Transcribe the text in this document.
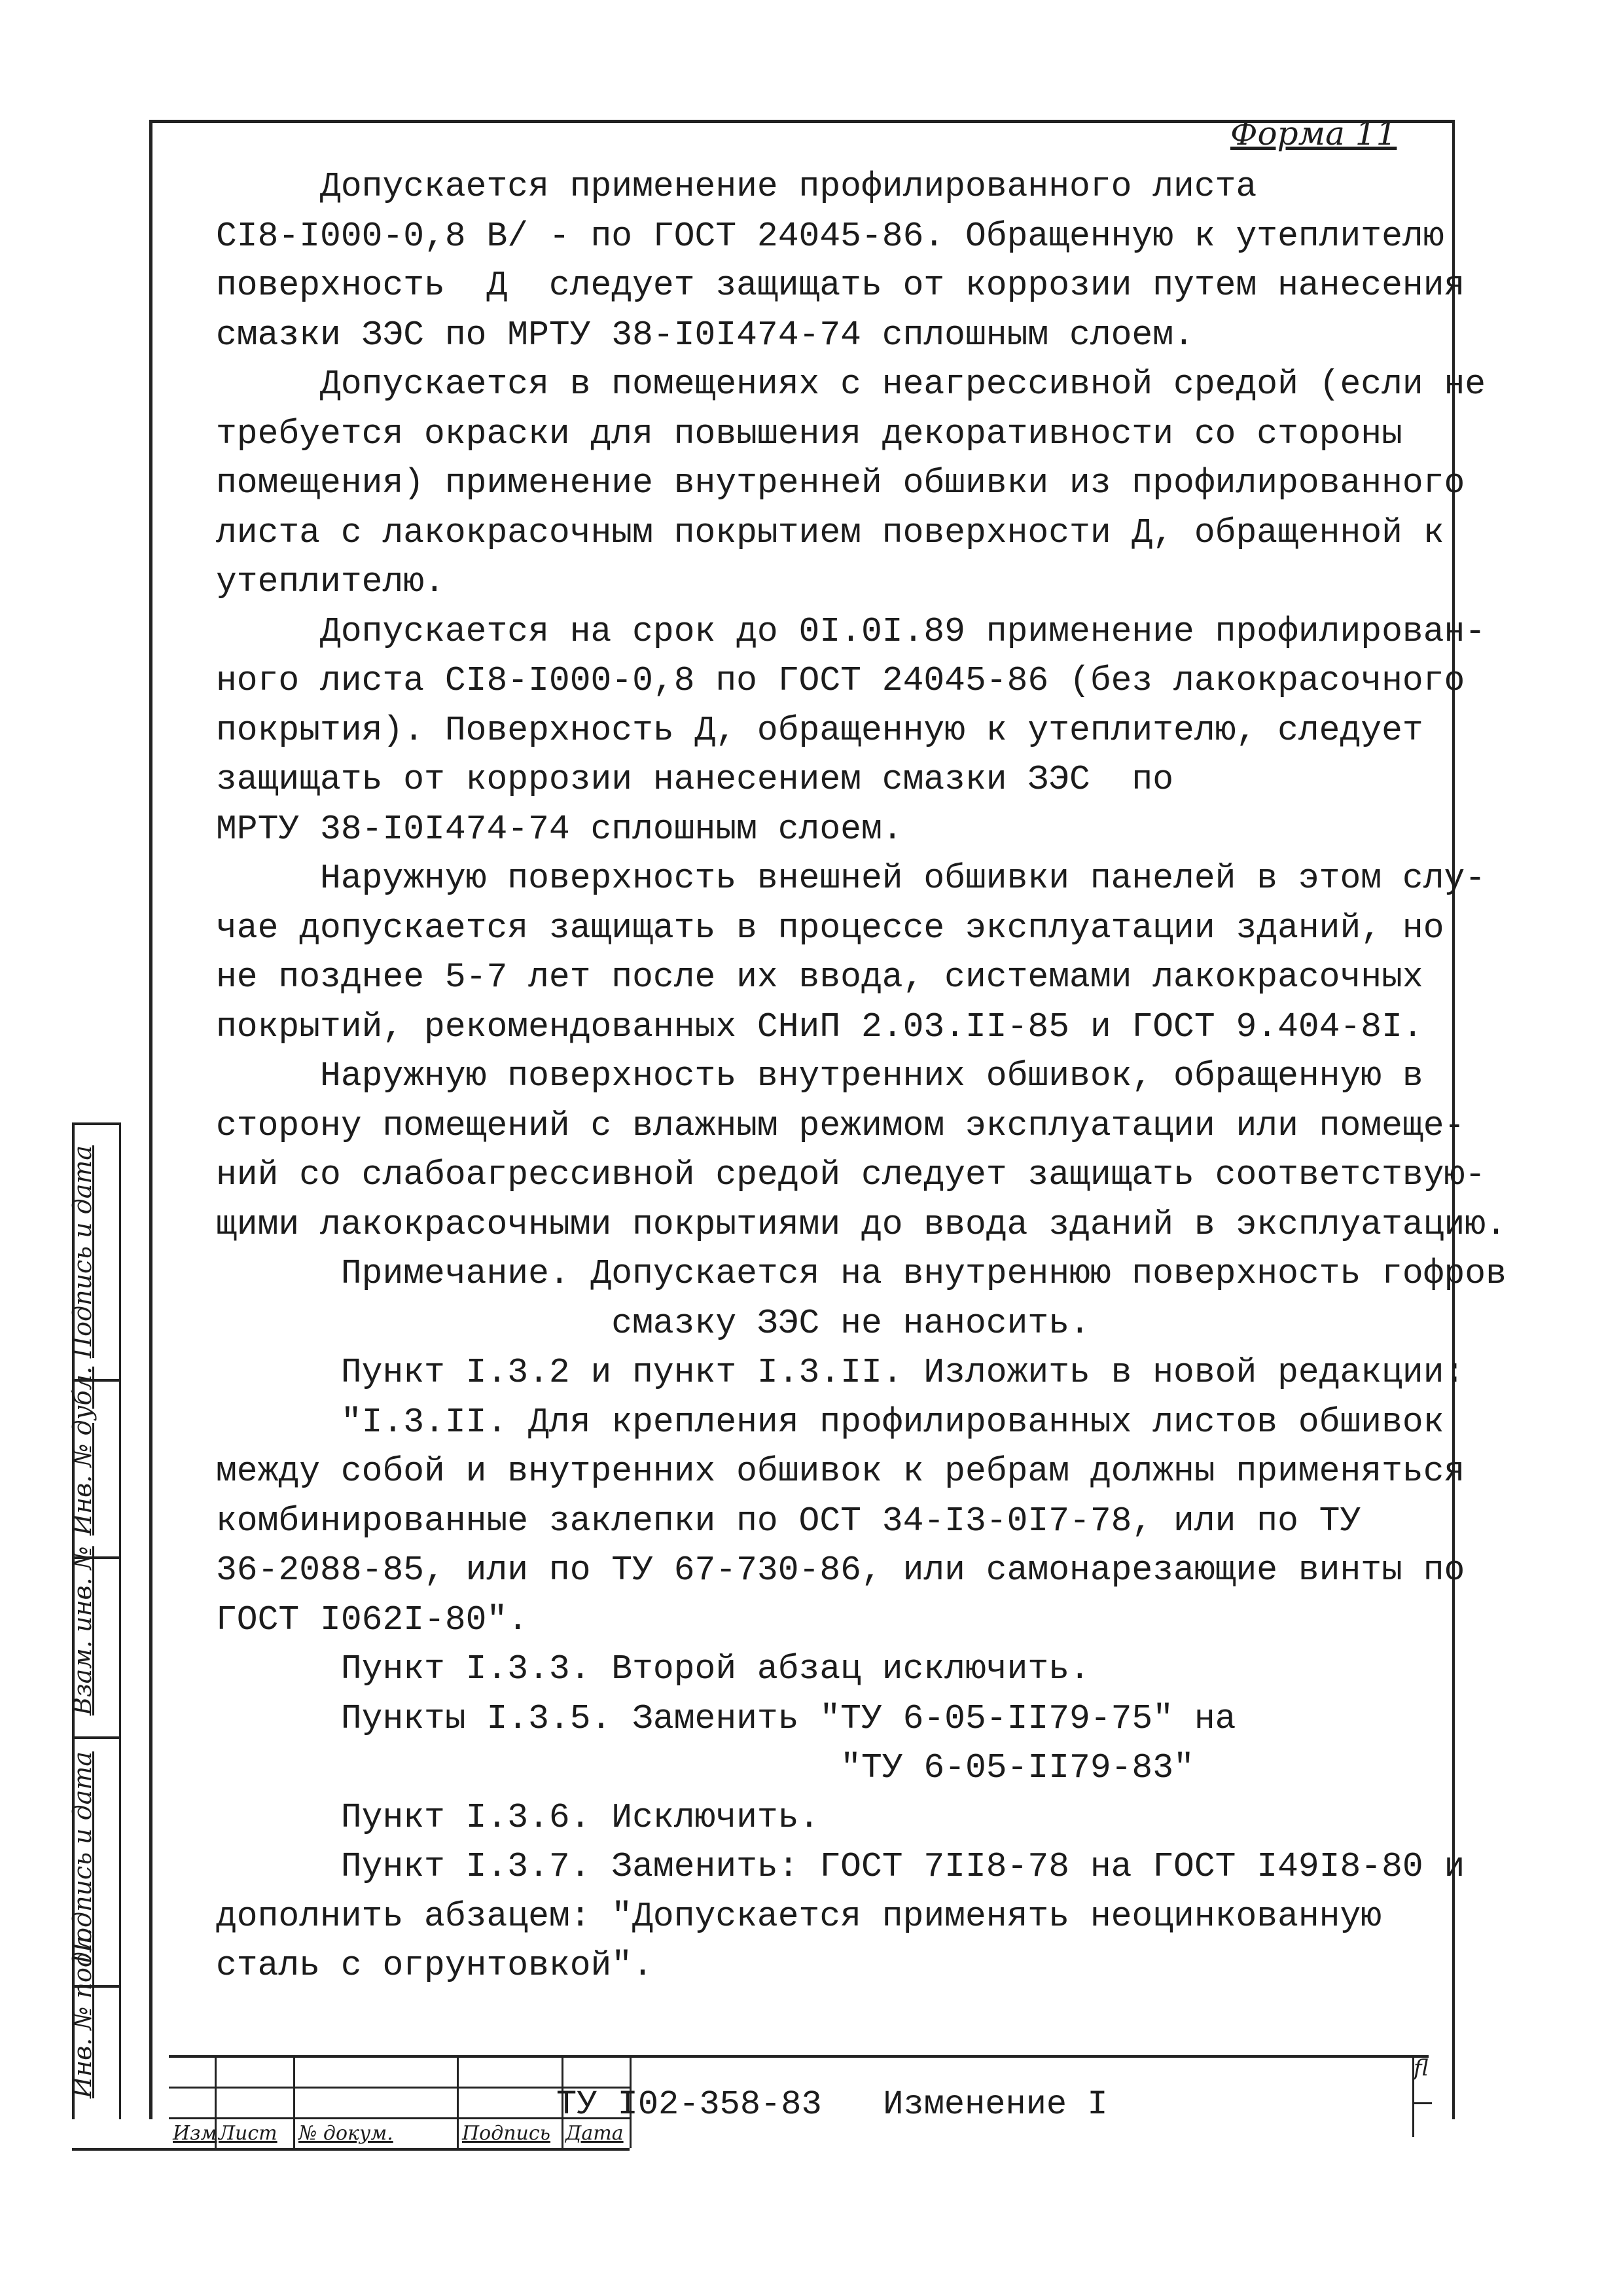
Форма 11
Допускается применение профилированного листа
СI8-I000-0,8 В/ - по ГОСТ 24045-86. Обращенную к утеплителю
поверхность  Д  следует защищать от коррозии путем нанесения
смазки ЗЭС по МРТУ 38-I0I474-74 сплошным слоем.
Допускается в помещениях с неагрессивной средой (если не
требуется окраски для повышения декоративности со стороны
помещения) применение внутренней обшивки из профилированного
листа с лакокрасочным покрытием поверхности Д, обращенной к
утеплителю.
Допускается на срок до 0I.0I.89 применение профилирован-
ного листа СI8-I000-0,8 по ГОСТ 24045-86 (без лакокрасочного
покрытия). Поверхность Д, обращенную к утеплителю, следует
защищать от коррозии нанесением смазки ЗЭС  по
МРТУ 38-I0I474-74 сплошным слоем.
Наружную поверхность внешней обшивки панелей в этом слу-
чае допускается защищать в процессе эксплуатации зданий, но
не позднее 5-7 лет после их ввода, системами лакокрасочных
покрытий, рекомендованных СНиП 2.03.II-85 и ГОСТ 9.404-8I.
Наружную поверхность внутренних обшивок, обращенную в
сторону помещений с влажным режимом эксплуатации или помеще-
ний со слабоагрессивной средой следует защищать соответствую-
щими лакокрасочными покрытиями до ввода зданий в эксплуатацию.
Примечание. Допускается на внутреннюю поверхность гофров
смазку ЗЭС не наносить.
Пункт I.3.2 и пункт I.3.II. Изложить в новой редакции:
"I.3.II. Для крепления профилированных листов обшивок
между собой и внутренних обшивок к ребрам должны применяться
комбинированные заклепки по ОСТ 34-I3-0I7-78, или по ТУ
36-2088-85, или по ТУ 67-730-86, или самонарезающие винты по
ГОСТ I062I-80".
Пункт I.3.3. Второй абзац исключить.
Пункты I.3.5. Заменить "ТУ 6-05-II79-75" на
"ТУ 6-05-II79-83"
Пункт I.3.6. Исключить.
Пункт I.3.7. Заменить: ГОСТ 7II8-78 на ГОСТ I49I8-80 и
дополнить абзацем: "Допускается применять неоцинкованную
сталь с огрунтовкой".
Подпись и дата
Инв. № дубл.
Взам. инв. №
Подпись и дата
Инв. № подл.
Изм Лист № докум.	Подпись Дата
ТУ I02-358-83   Изменение I
fl
